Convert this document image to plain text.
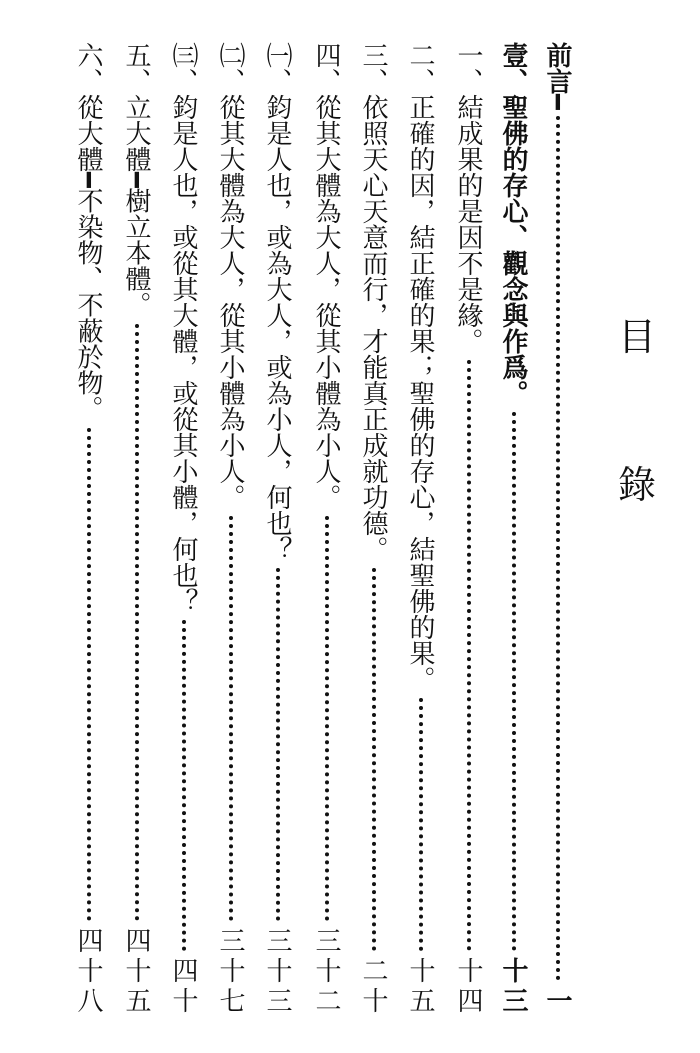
目
錄
前言━
一
壹、聖佛的存心、觀念與作爲。
十三
一、結成果的是因不是緣。
十四
二、正確的因，結正確的果；聖佛的存心，結聖佛的果。
十五
三、依照天心天意而行，才能真正成就功德。
二十
四、從其大體為大人，從其小體為小人。
三十二
㈠、鈞是人也，或為大人，或為小人，何也？
三十三
㈡、從其大體為大人，從其小體為小人。
三十七
㈢、鈞是人也，或從其大體，或從其小體，何也？
四十
五、立大體━樹立本體。
四十五
六、從大體━不染物、不蔽於物。
四十八
